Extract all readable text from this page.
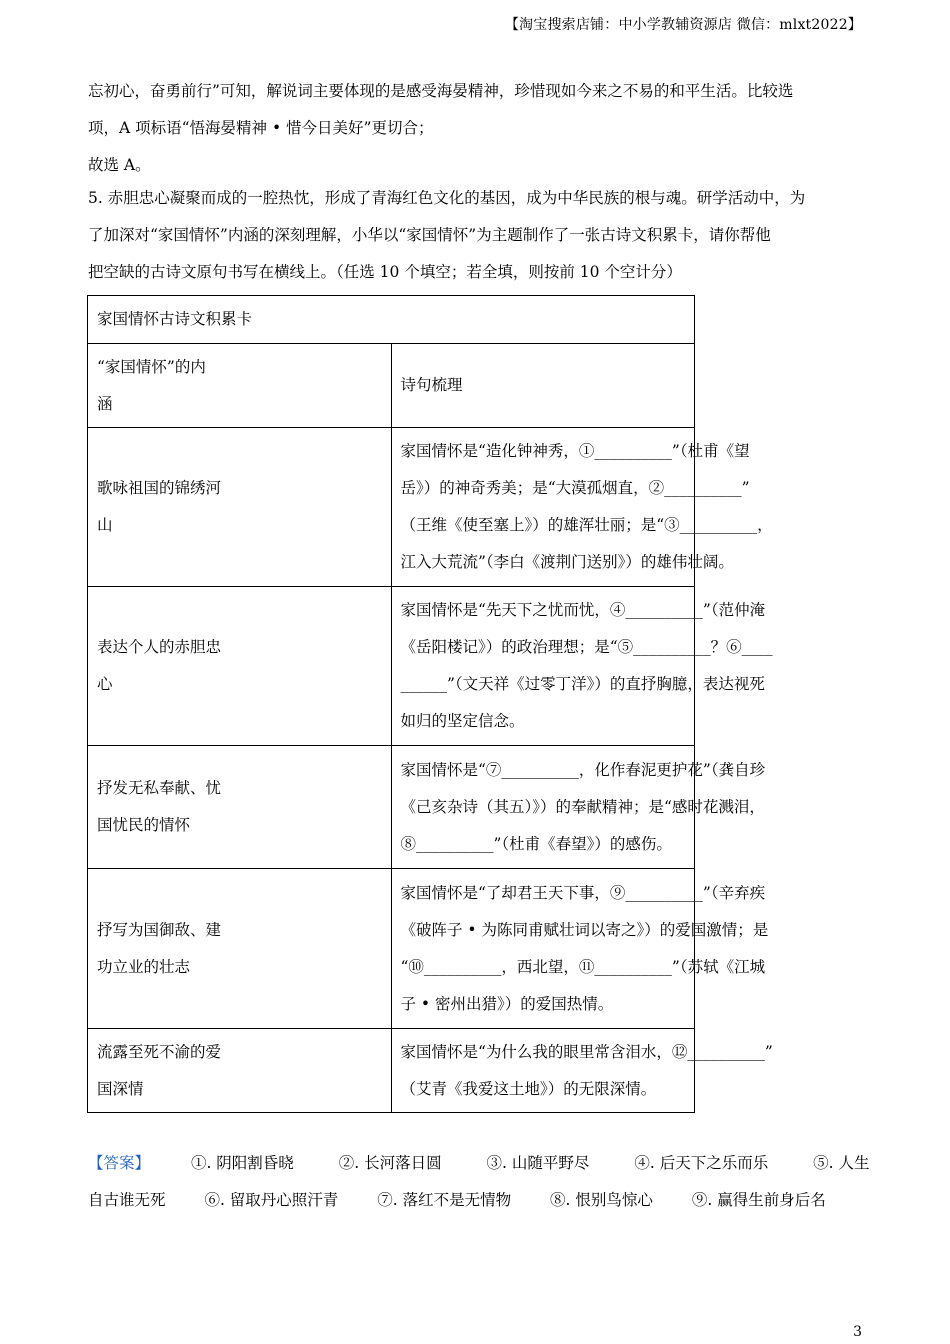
【淘宝搜索店铺：中小学教辅资源店 微信：mlxt2022】
忘初心，奋勇前行”可知，解说词主要体现的是感受海晏精神，珍惜现如今来之不易的和平生活。比较选
项，A 项标语“悟海晏精神 • 惜今日美好”更切合；
故选 A。
5. 赤胆忠心凝聚而成的一腔热忱，形成了青海红色文化的基因，成为中华民族的根与魂。研学活动中，为
了加深对“家国情怀”内涵的深刻理解，小华以“家国情怀”为主题制作了一张古诗文积累卡，请你帮他
把空缺的古诗文原句书写在横线上。（任选 10 个填空；若全填，则按前 10 个空计分）
家国情怀古诗文积累卡	

“家国情怀”的内
涵	诗句梳理

歌咏祖国的锦绣河
山	家国情怀是“造化钟神秀，①__________”（杜甫《望
岳》）的神奇秀美；是“大漠孤烟直，②__________”
（王维《使至塞上》）的雄浑壮丽；是“③__________，
江入大荒流”（李白《渡荆门送别》）的雄伟壮阔。

表达个人的赤胆忠
心	家国情怀是“先天下之忧而忧，④__________”（范仲淹
《岳阳楼记》）的政治理想；是“⑤__________？⑥____
______”（文天祥《过零丁洋》）的直抒胸臆，表达视死
如归的坚定信念。

抒发无私奉献、忧
国忧民的情怀	家国情怀是“⑦__________，化作春泥更护花”（龚自珍
《己亥杂诗（其五）》）的奉献精神；是“感时花溅泪，
⑧__________”（杜甫《春望》）的感伤。

抒写为国御敌、建
功立业的壮志	家国情怀是“了却君王天下事，⑨__________”（辛弃疾
《破阵子 • 为陈同甫赋壮词以寄之》）的爱国激情；是
“⑩__________，西北望，⑪__________”（苏轼《江城
子 • 密州出猎》）的爱国热情。

流露至死不渝的爱
国深情	家国情怀是“为什么我的眼里常含泪水，⑫__________”
（艾青《我爱这土地》）的无限深情。
【答案】	①. 阴阳割昏晓	②. 长河落日圆	③. 山随平野尽	④. 后天下之乐而乐	⑤. 人生
自古谁无死	⑥. 留取丹心照汗青	⑦. 落红不是无情物	⑧. 恨别鸟惊心	⑨. 赢得生前身后名
3
